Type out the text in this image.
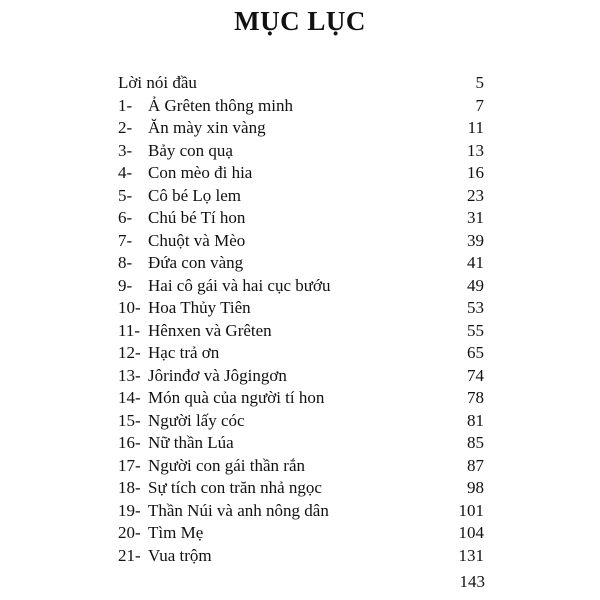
MỤC LỤC
Lời nói đầu	5
1- Ả Grêten thông minh	7
2- Ăn mày xin vàng	11
3- Bảy con quạ	13
4- Con mèo đi hia	16
5- Cô bé Lọ lem	23
6- Chú bé Tí hon	31
7- Chuột và Mèo	39
8- Đứa con vàng	41
9- Hai cô gái và hai cục bướu	49
10- Hoa Thủy Tiên	53
11- Hênxen và Grêten	55
12- Hạc trả ơn	65
13- Jôrinđơ và Jôgingơn	74
14- Món quà của người tí hon	78
15- Người lấy cóc	81
16- Nữ thần Lúa	85
17- Người con gái thần rắn	87
18- Sự tích con trăn nhả ngọc	98
19- Thần Núi và anh nông dân	101
20- Tìm Mẹ	104
21- Vua trộm	131
143
